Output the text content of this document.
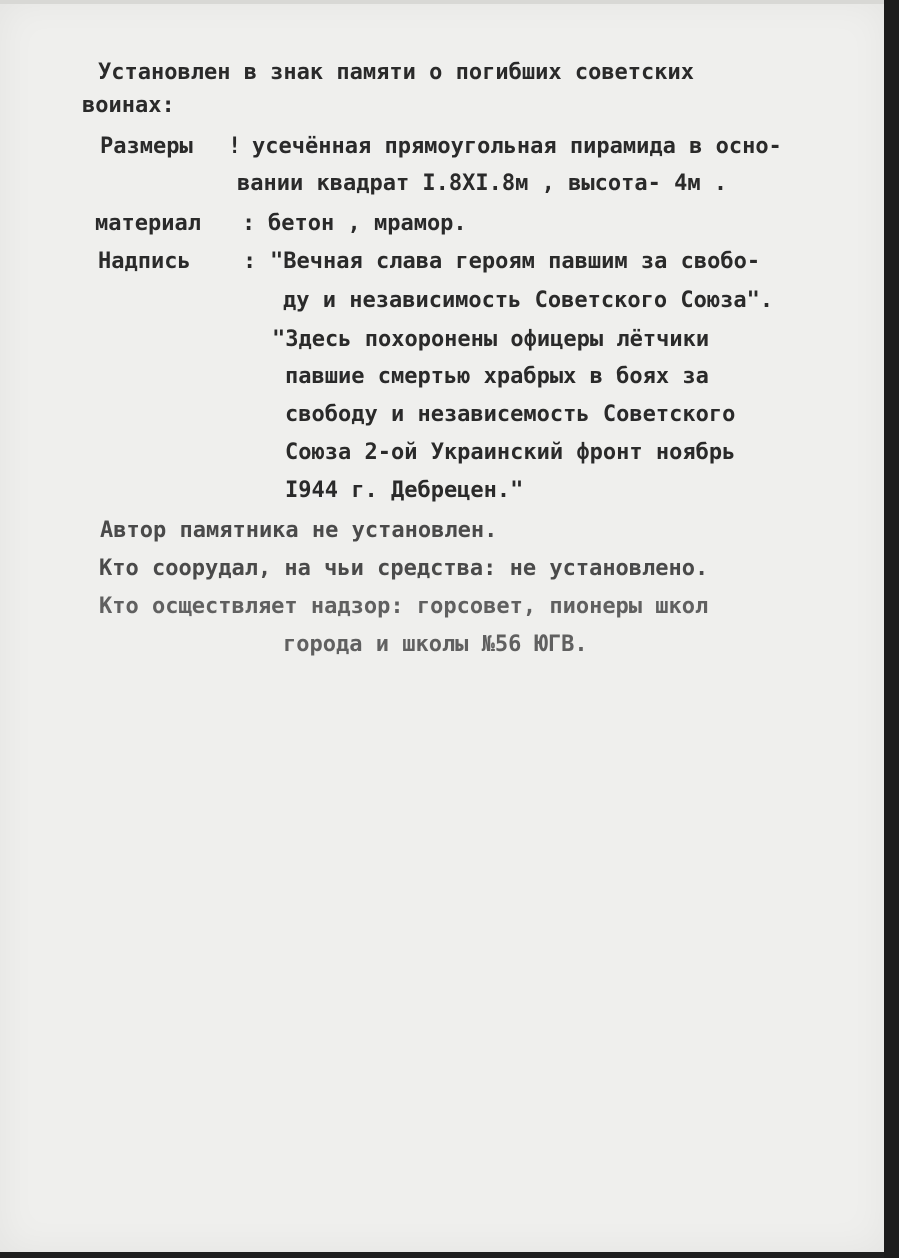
Установлен в знак памяти о погибших советских
воинах:
Размеры ! усечённая прямоугольная пирамида в осно-
вании квадрат I.8XI.8м , высота- 4м .
материал : бетон , мрамор.
Надпись : "Вечная слава героям павшим за свобо-
ду и независимость Советского Союза".
"Здесь похоронены офицеры лётчики
павшие смертью храбрых в боях за
свободу и независемость Советского
Союза 2-ой Украинский фронт ноябрь
I944 г. Дебрецен."
Автор памятника не установлен.
Кто соорудал, на чьи средства: не установлено.
Кто осществляет надзор: горсовет, пионеры школ
города и школы №56 ЮГВ.
